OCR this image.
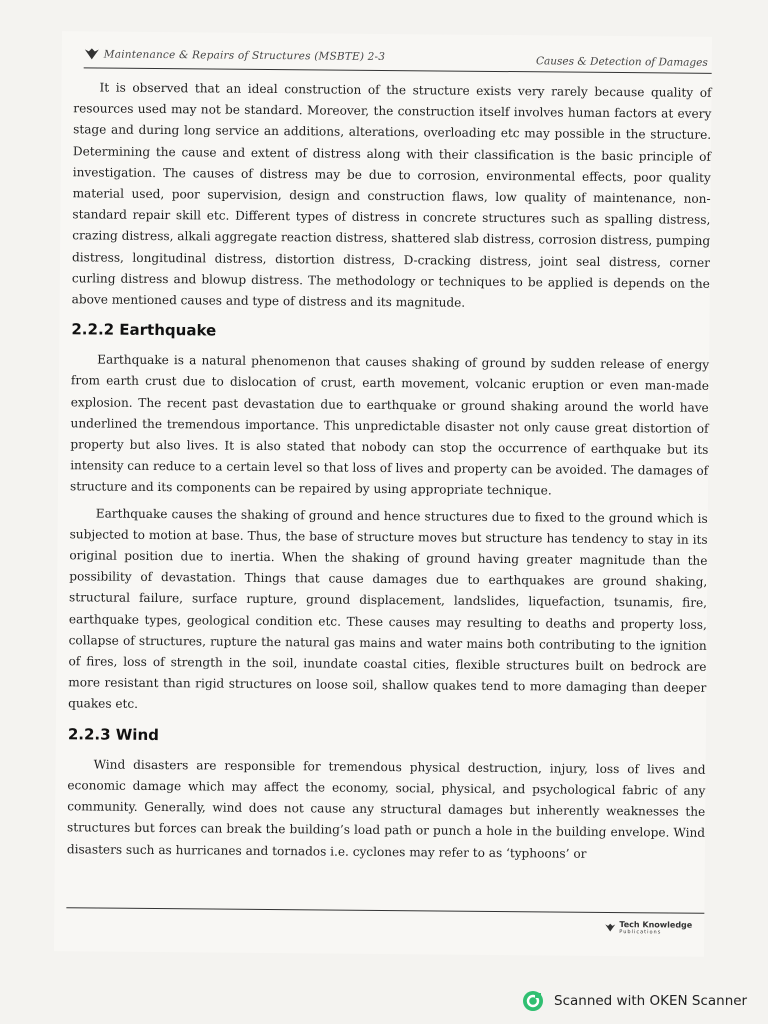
Maintenance & Repairs of Structures (MSBTE) 2-3	Causes & Detection of Damages

It is observed that an ideal construction of the structure exists very rarely because quality of resources used may not be standard. Moreover, the construction itself involves human factors at every stage and during long service an additions, alterations, overloading etc may possible in the structure. Determining the cause and extent of distress along with their classification is the basic principle of investigation. The causes of distress may be due to corrosion, environmental effects, poor quality material used, poor supervision, design and construction flaws, low quality of maintenance, non-standard repair skill etc. Different types of distress in concrete structures such as spalling distress, crazing distress, alkali aggregate reaction distress, shattered slab distress, corrosion distress, pumping distress, longitudinal distress, distortion distress, D-cracking distress, joint seal distress, corner curling distress and blowup distress. The methodology or techniques to be applied is depends on the above mentioned causes and type of distress and its magnitude.

2.2.2 Earthquake

Earthquake is a natural phenomenon that causes shaking of ground by sudden release of energy from earth crust due to dislocation of crust, earth movement, volcanic eruption or even man-made explosion. The recent past devastation due to earthquake or ground shaking around the world have underlined the tremendous importance. This unpredictable disaster not only cause great distortion of property but also lives. It is also stated that nobody can stop the occurrence of earthquake but its intensity can reduce to a certain level so that loss of lives and property can be avoided. The damages of structure and its components can be repaired by using appropriate technique.

Earthquake causes the shaking of ground and hence structures due to fixed to the ground which is subjected to motion at base. Thus, the base of structure moves but structure has tendency to stay in its original position due to inertia. When the shaking of ground having greater magnitude than the possibility of devastation. Things that cause damages due to earthquakes are ground shaking, structural failure, surface rupture, ground displacement, landslides, liquefaction, tsunamis, fire, earthquake types, geological condition etc. These causes may resulting to deaths and property loss, collapse of structures, rupture the natural gas mains and water mains both contributing to the ignition of fires, loss of strength in the soil, inundate coastal cities, flexible structures built on bedrock are more resistant than rigid structures on loose soil, shallow quakes tend to more damaging than deeper quakes etc.

2.2.3 Wind

Wind disasters are responsible for tremendous physical destruction, injury, loss of lives and economic damage which may affect the economy, social, physical, and psychological fabric of any community. Generally, wind does not cause any structural damages but inherently weaknesses the structures but forces can break the building’s load path or punch a hole in the building envelope. Wind disasters such as hurricanes and tornados i.e. cyclones may refer to as ‘typhoons’ or

Tech Knowledge
Publications
Scanned with OKEN Scanner
